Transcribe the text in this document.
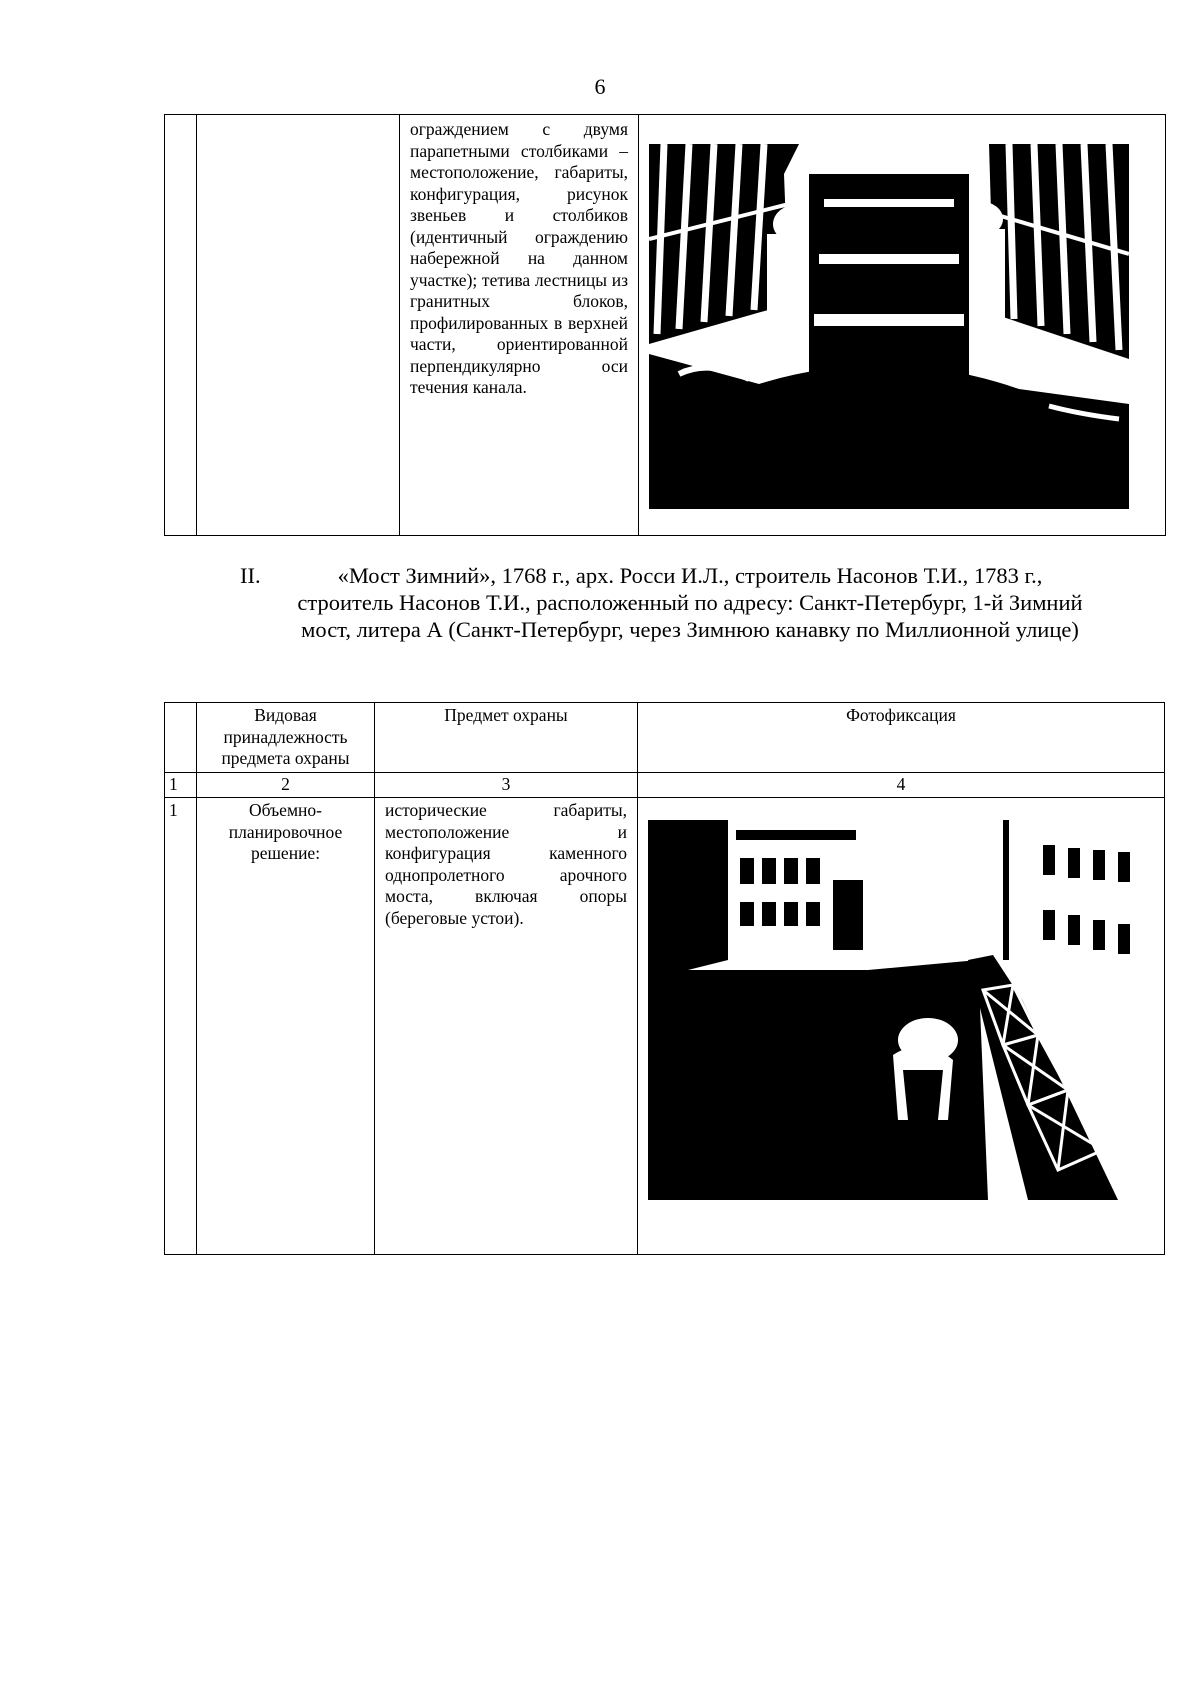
6
		ограждением с двумя парапетными столбиками – местоположение, габариты, конфигурация, рисунок звеньев и столбиков (идентичный ограждению набережной на данном участке); тетива лестницы из гранитных блоков, профилированных в верхней части, ориентированной перпендикулярно оси течения канала.	
II.	«Мост Зимний», 1768 г., арх. Росси И.Л., строитель Насонов Т.И., 1783 г., строитель Насонов Т.И., расположенный по адресу: Санкт-Петербург, 1-й Зимний мост, литера А (Санкт-Петербург, через Зимнюю канавку по Миллионной улице)
	Видовая принадлежность предмета охраны	Предмет охраны	Фотофиксация
1	2	3	4
1	Объемно-планировочное решение:	исторические габариты, местоположение и конфигурация каменного однопролетного арочного моста, включая опоры (береговые устои).	
